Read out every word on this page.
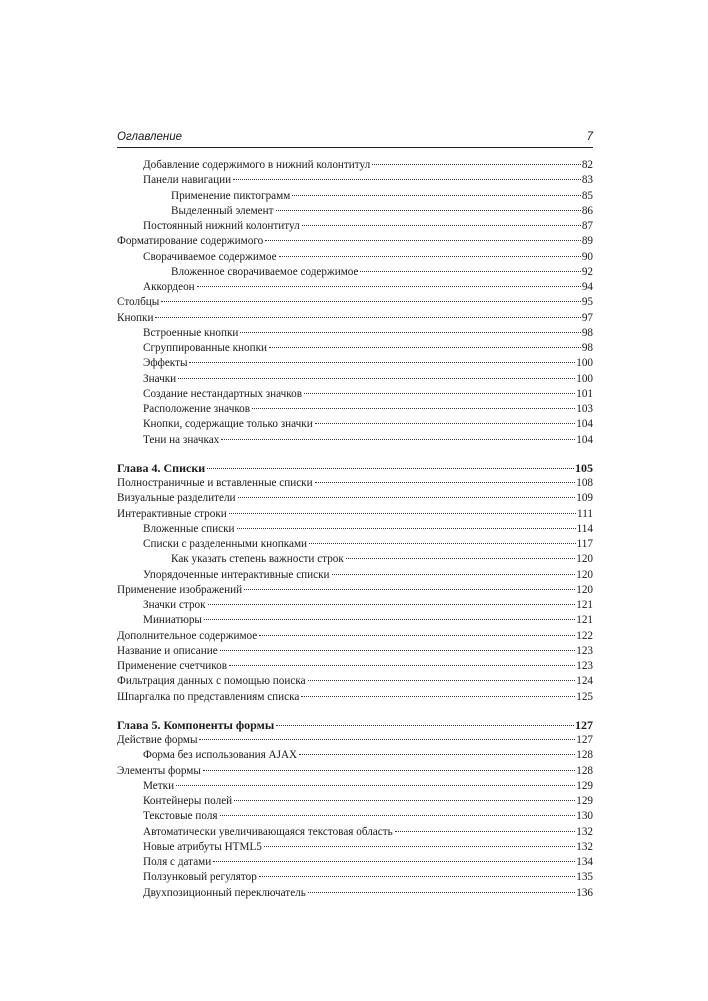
Оглавление	7
Добавление содержимого в нижний колонтитул	82
Панели навигации	83
Применение пиктограмм	85
Выделенный элемент	86
Постоянный нижний колонтитул	87
Форматирование содержимого	89
Сворачиваемое содержимое	90
Вложенное сворачиваемое содержимое	92
Аккордеон	94
Столбцы	95
Кнопки	97
Встроенные кнопки	98
Сгруппированные кнопки	98
Эффекты	100
Значки	100
Создание нестандартных значков	101
Расположение значков	103
Кнопки, содержащие только значки	104
Тени на значках	104
Глава 4. Списки	105
Полностраничные и вставленные списки	108
Визуальные разделители	109
Интерактивные строки	111
Вложенные списки	114
Списки с разделенными кнопками	117
Как указать степень важности строк	120
Упорядоченные интерактивные списки	120
Применение изображений	120
Значки строк	121
Миниатюры	121
Дополнительное содержимое	122
Название и описание	123
Применение счетчиков	123
Фильтрация данных с помощью поиска	124
Шпаргалка по представлениям списка	125
Глава 5. Компоненты формы	127
Действие формы	127
Форма без использования AJAX	128
Элементы формы	128
Метки	129
Контейнеры полей	129
Текстовые поля	130
Автоматически увеличивающаяся текстовая область	132
Новые атрибуты HTML5	132
Поля с датами	134
Ползунковый регулятор	135
Двухпозиционный переключатель	136
